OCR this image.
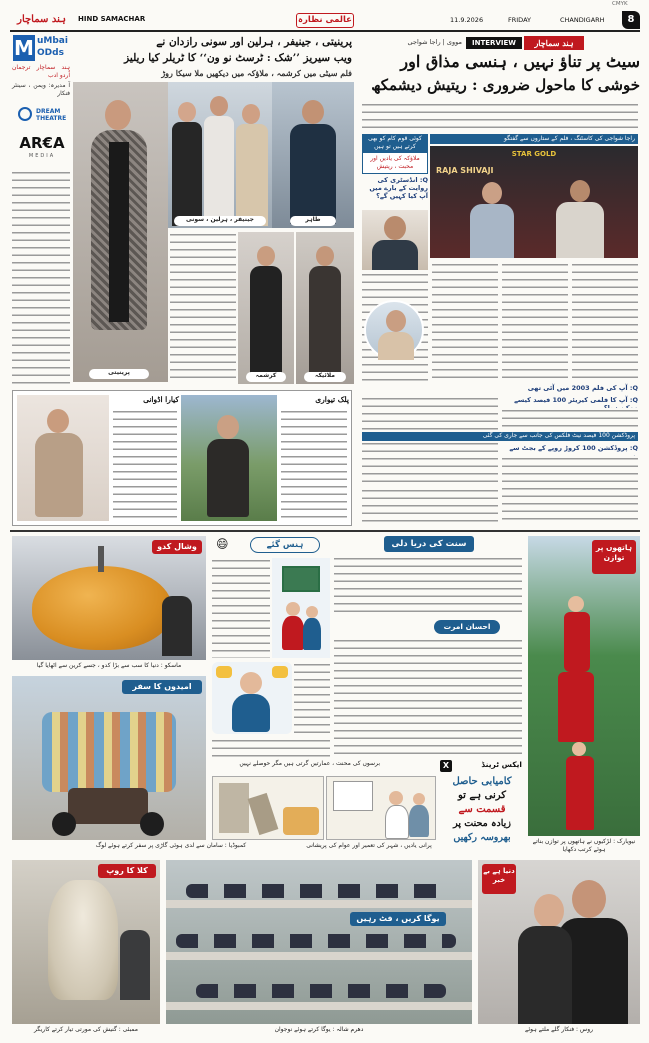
ہند سماچار HIND SAMACHAR	عالمی نظارہ	11.9.2026	FRIDAY	CHANDIGARH	8
CMYK
M uMbai
ODds
ہند سماچار ترجمان اُردو ادب
آ مدیرہ: ویمن ، سینئر فنکار
DREAM THEATRE
AR€A
MEDIA
پرینیتی ، جینیفر ، ہرلین اور سونی رازدان نے
ویب سیریز ’’شک : ٹرسٹ نو ون‘‘ کا ٹریلر کیا ریلیز
فلم سیٹی میں کرشمہ ، ملاؤکہ میں دیکھیں ملا سیکا روڑ
پرینیتی
جینیفر ، ہرلین ، سونی	طاہر
کرشمہ	ملائیکہ
کیارا اڈوانی	پلک تیواری
INTERVIEW	ہند سماچار
مووی | راجا شواجی
سیٹ پر تناؤ نہیں ، ہنسی مذاق اور
خوشی کا ماحول ضروری : ریتیش دیشمکھ
راجا شواجی کی کاسٹنگ ، فلم کے ستاروں سے گفتگو
STAR GOLD
RAJA SHIVAJI
کوئی قوم کام کو بھی کرتے ہیں تو ہیں
ملاؤکہ کی یادیں اور محبت ، ریتیش
Q: انڈسٹری کی روایت کے بارے میں آپ کیا کہیں گے؟
Q: آپ کی فلم 2003 میں آئی تھی
Q: آپ کا فلمی کیریئر 100 فیصد کیسے
پروڈکشن 100 فیصد نیٹ فلکس کی جانب سے جاری کی گئی
Q: پروڈکشن 100 کروڑ روپے کے بجٹ سے
وشال کدو
ماسکو : دنیا کا سب سے بڑا کدو ، جسے کرین سے اٹھایا گیا
امیدوں کا سفر
کمبوڈیا : سامان سے لدی ہوئی گاڑی پر سفر کرتے ہوئے لوگ
😄	ہنس گئے	سنت کی دریا دلی
احسان امرت
ہاتھوں پر توازن
نیویارک : لڑکیوں نے ہاتھوں پر توازن بناتے ہوئے کرتب دکھایا
X	ایکس ٹرینڈ
برسوں کی محنت ، عمارتیں گرتی ہیں مگر حوصلے نہیں
کامیابی حاصل
کرنی ہے تو
قسمت سے
زیادہ محنت پر
بھروسہ رکھیں
پرانی یادیں ، شہر کی تعمیر اور عوام کی پریشانی
کلا کا روپ
ممبئی : گنیش کی مورتی تیار کرتے کاریگر
یوگا کریں ، فٹ رہیں
دھرم شالہ : یوگا کرتے ہوئے نوجوان
دنیا ہے بے خبر
روس : فنکار گلے ملتے ہوئے
